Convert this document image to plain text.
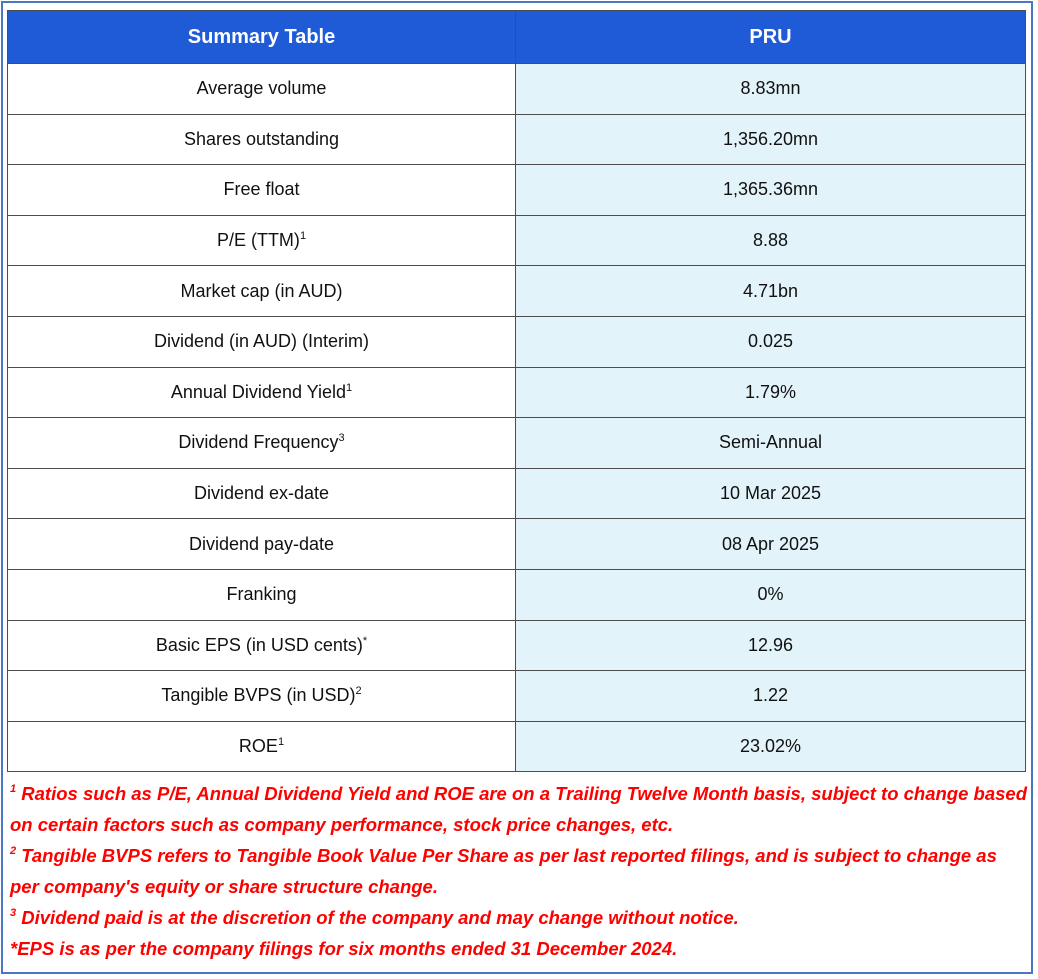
Summary Table	PRU
Average volume	8.83mn
Shares outstanding	1,356.20mn
Free float	1,365.36mn
P/E (TTM)$^1$	8.88
Market cap (in AUD)	4.71bn
Dividend (in AUD) (Interim)	0.025
Annual Dividend Yield$^1$	1.79%
Dividend Frequency$^3$	Semi-Annual
Dividend ex-date	10 Mar 2025
Dividend pay-date	08 Apr 2025
Franking	0%
Basic EPS (in USD cents)*	12.96
Tangible BVPS (in USD)$^2$	1.22
ROE$^1$	23.02%

$^1$ Ratios such as P/E, Annual Dividend Yield and ROE are on a Trailing Twelve Month basis, subject to change based on certain factors such as company performance, stock price changes, etc.

$^2$ Tangible BVPS refers to Tangible Book Value Per Share as per last reported filings, and is subject to change as per company's equity or share structure change.

$^3$ Dividend paid is at the discretion of the company and may change without notice.

*EPS is as per the company filings for six months ended 31 December 2024.
